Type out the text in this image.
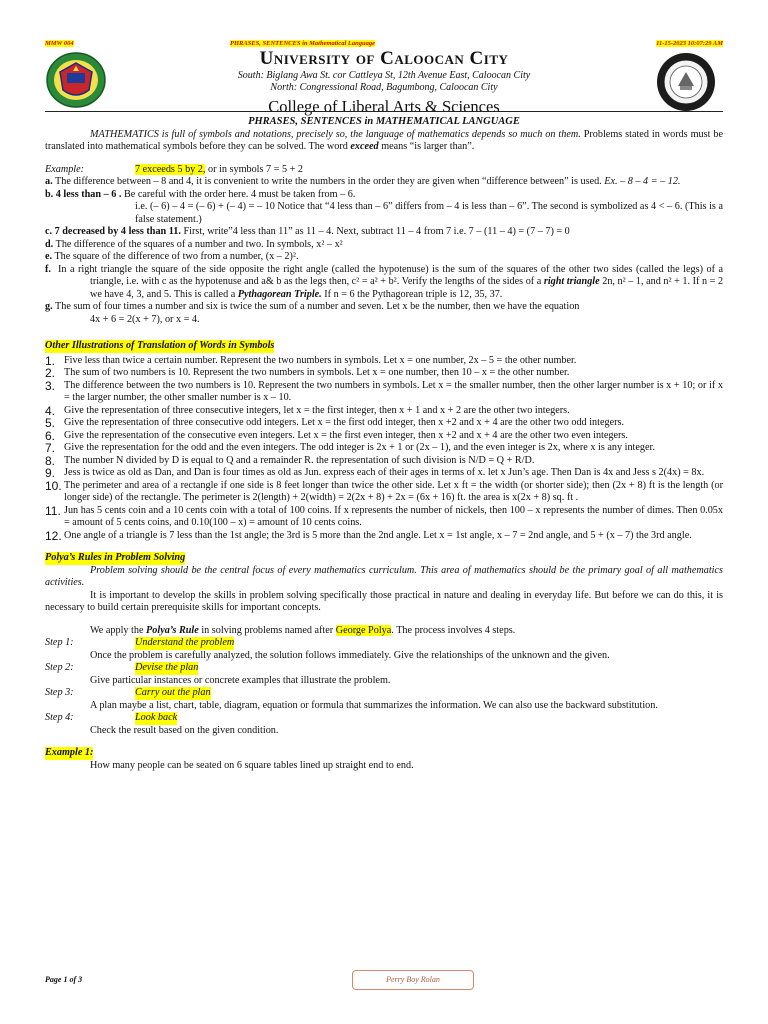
MMW 004	PHRASES, SENTENCES in Mathematical Language	11-15-2023 10:07:29 AM
University of Caloocan City
South: Biglang Awa St. cor Cattleya St, 12th Avenue East, Caloocan City
North: Congressional Road, Bagumbong, Caloocan City
College of Liberal Arts & Sciences
PHRASES, SENTENCES in MATHEMATICAL LANGUAGE

MATHEMATICS is full of symbols and notations, precisely so, the language of mathematics depends so much on them. Problems stated in words must be translated into mathematical symbols before they can be solved. The word exceed means “is larger than”.

Example:	7 exceeds 5 by 2, or in symbols 7 = 5 + 2

a. The difference between – 8 and 4, it is convenient to write the numbers in the order they are given when “difference between” is used. Ex. – 8 – 4 = – 12.

b. 4 less than – 6 . Be careful with the order here. 4 must be taken from – 6.

i.e. (– 6) – 4 = (– 6) + (– 4) = – 10 Notice that “4 less than – 6” differs from – 4 is less than – 6”. The second is symbolized as 4 < – 6. (This is a false statement.)

c. 7 decreased by 4 less than 11. First, write”4 less than 11” as 11 – 4. Next, subtract 11 – 4 from 7 i.e. 7 – (11 – 4) = (7 – 7) = 0

d. The difference of the squares of a number and two. In symbols, x² – x²

e. The square of the difference of two from a number, (x – 2)².

f. In a right triangle the square of the side opposite the right angle (called the hypotenuse) is the sum of the squares of the other two sides (called the legs) of a triangle, i.e. with c as the hypotenuse and a& b as the legs then, c² = a² + b². Verify the lengths of the sides of a right triangle 2n, n² – 1, and n² + 1. If n = 2 we have 4, 3, and 5. This is called a Pythagorean Triple. If n = 6 the Pythagorean triple is 12, 35, 37.

g. The sum of four times a number and six is twice the sum of a number and seven. Let x be the number, then we have the equation

4x + 6 = 2(x + 7), or x = 4.

Other Illustrations of Translation of Words in Symbols
1. Five less than twice a certain number. Represent the two numbers in symbols. Let x = one number, 2x – 5 = the other number.
2. The sum of two numbers is 10. Represent the two numbers in symbols. Let x = one number, then 10 – x = the other number.
3. The difference between the two numbers is 10. Represent the two numbers in symbols. Let x = the smaller number, then the other larger number is x + 10; or if x = the larger number, the other smaller number is x – 10.
4. Give the representation of three consecutive integers, let x = the first integer, then x + 1 and x + 2 are the other two integers.
5. Give the representation of three consecutive odd integers. Let x = the first odd integer, then x +2 and x + 4 are the other two odd integers.
6. Give the representation of the consecutive even integers. Let x = the first even integer, then x +2 and x + 4 are the other two even integers.
7. Give the representation for the odd and the even integers. The odd integer is 2x + 1 or (2x – 1), and the even integer is 2x, where x is any integer.
8. The number N divided by D is equal to Q and a remainder R. the representation of such division is N/D = Q + R/D.
9. Jess is twice as old as Dan, and Dan is four times as old as Jun. express each of their ages in terms of x. let x Jun’s age. Then Dan is 4x and Jess s 2(4x) = 8x.
10. The perimeter and area of a rectangle if one side is 8 feet longer than twice the other side. Let x ft = the width (or shorter side); then (2x + 8) ft is the length (or longer side) of the rectangle. The perimeter is 2(length) + 2(width) = 2(2x + 8) + 2x = (6x + 16) ft. the area is x(2x + 8) sq. ft .
11. Jun has 5 cents coin and a 10 cents coin with a total of 100 coins. If x represents the number of nickels, then 100 – x represents the number of dimes. Then 0.05x = amount of 5 cents coins, and 0.10(100 – x) = amount of 10 cents coins.
12. One angle of a triangle is 7 less than the 1st angle; the 3rd is 5 more than the 2nd angle. Let x = 1st angle, x – 7 = 2nd angle, and 5 + (x – 7) the 3rd angle.
Polya’s Rules in Problem Solving

Problem solving should be the central focus of every mathematics curriculum. This area of mathematics should be the primary goal of all mathematics activities.

It is important to develop the skills in problem solving specifically those practical in nature and dealing in everyday life. But before we can do this, it is necessary to build certain prerequisite skills for important concepts.

We apply the Polya’s Rule in solving problems named after George Polya. The process involves 4 steps.

Step 1:	Understand the problem

Once the problem is carefully analyzed, the solution follows immediately. Give the relationships of the unknown and the given.

Step 2:	Devise the plan

Give particular instances or concrete examples that illustrate the problem.

Step 3:	Carry out the plan

A plan maybe a list, chart, table, diagram, equation or formula that summarizes the information. We can also use the backward substitution.

Step 4:	Look back

Check the result based on the given condition.

Example 1:

How many people can be seated on 6 square tables lined up straight end to end.

Page 1 of 3	Perry Boy Rolan
